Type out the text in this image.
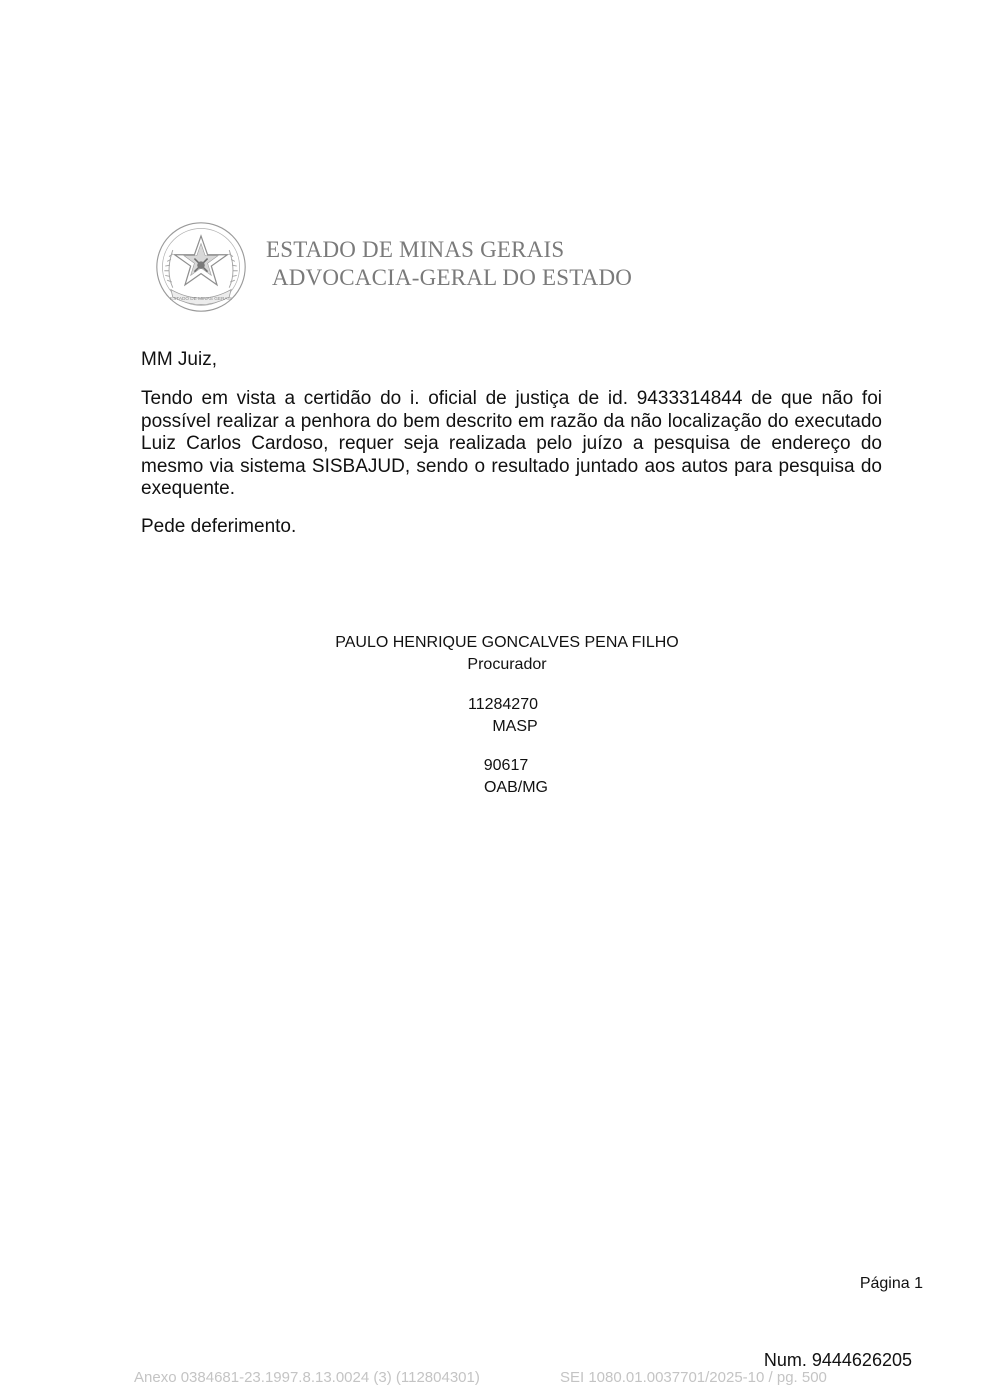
ESTADO DE MINAS GERAIS
ESTADO DE MINAS GERAIS
ADVOCACIA-GERAL DO ESTADO
MM Juiz,
Tendo em vista a certidão do i. oficial de justiça de id. 9433314844 de que não foi possível realizar a penhora do bem descrito em razão da não localização do executado Luiz Carlos Cardoso, requer seja realizada pelo juízo a pesquisa de endereço do mesmo via sistema SISBAJUD, sendo o resultado juntado aos autos para pesquisa do exequente.
Pede deferimento.
PAULO HENRIQUE GONCALVES PENA FILHO
Procurador
11284270
MASP
90617
OAB/MG
Página 1
Num. 9444626205
Anexo 0384681-23.1997.8.13.0024 (3) (112804301)	SEI 1080.01.0037701/2025-10 / pg. 500
